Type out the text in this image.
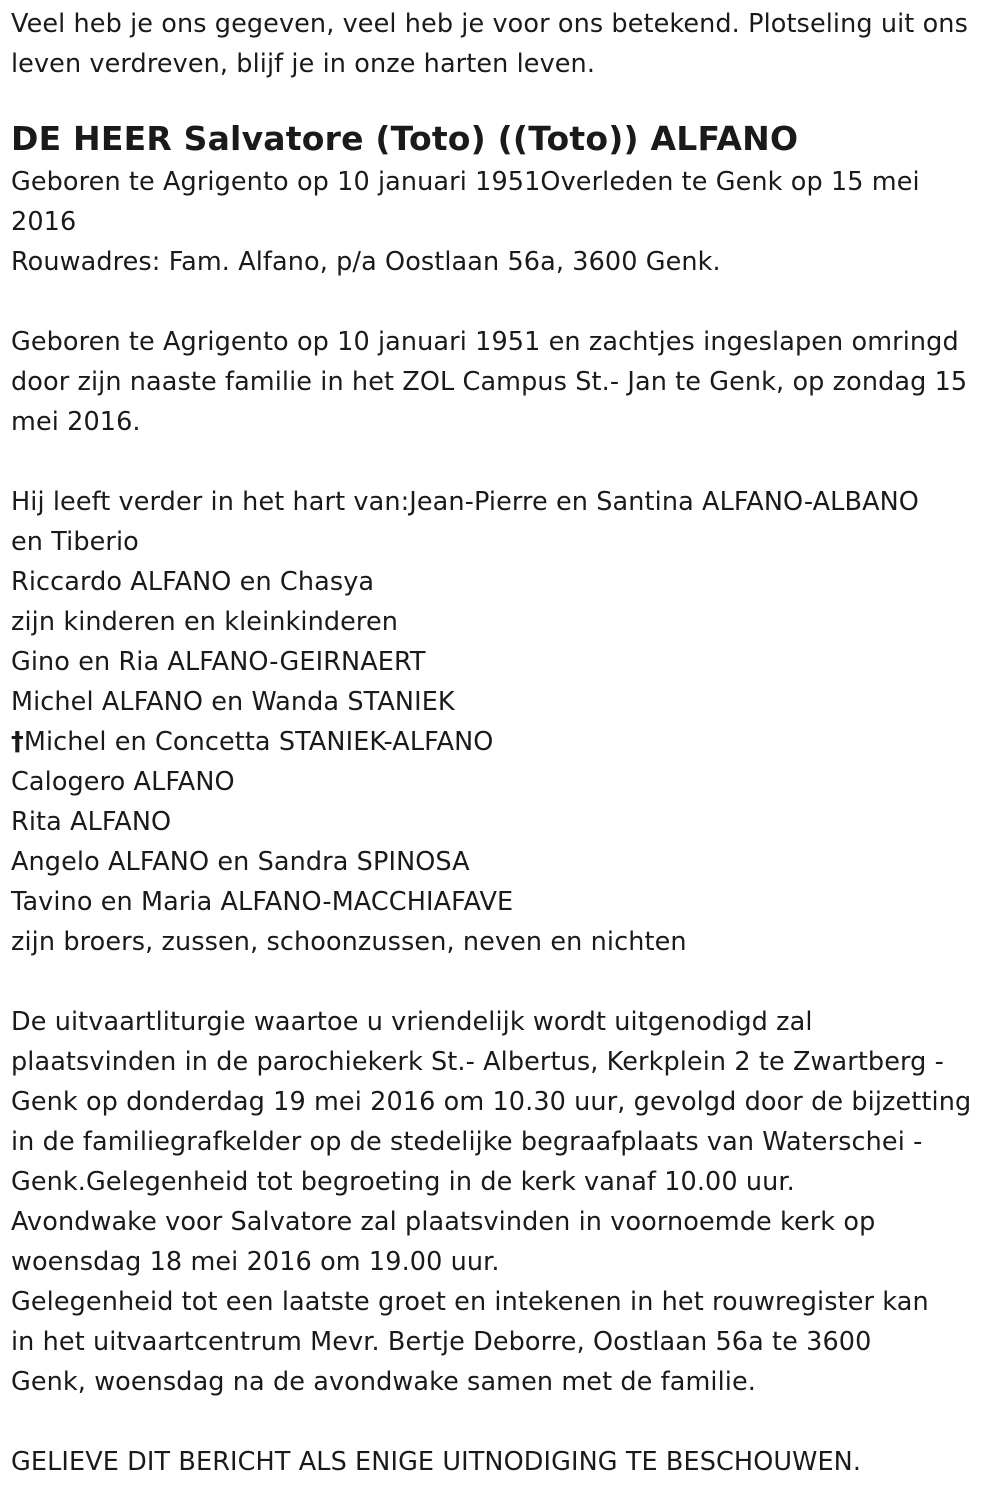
Veel heb je ons gegeven, veel heb je voor ons betekend. Plotseling uit ons
leven verdreven, blijf je in onze harten leven.
DE HEER Salvatore (Toto) ((Toto)) ALFANO
Geboren te Agrigento op 10 januari 1951Overleden te Genk op 15 mei
2016
Rouwadres: Fam. Alfano, p/a Oostlaan 56a, 3600 Genk.
Geboren te Agrigento op 10 januari 1951 en zachtjes ingeslapen omringd
door zijn naaste familie in het ZOL Campus St.- Jan te Genk, op zondag 15
mei 2016.
Hij leeft verder in het hart van:Jean-Pierre en Santina ALFANO-ALBANO
en Tiberio
Riccardo ALFANO en Chasya
zijn kinderen en kleinkinderen
Gino en Ria ALFANO-GEIRNAERT
Michel ALFANO en Wanda STANIEK
†Michel en Concetta STANIEK-ALFANO
Calogero ALFANO
Rita ALFANO
Angelo ALFANO en Sandra SPINOSA
Tavino en Maria ALFANO-MACCHIAFAVE
zijn broers, zussen, schoonzussen, neven en nichten
De uitvaartliturgie waartoe u vriendelijk wordt uitgenodigd zal
plaatsvinden in de parochiekerk St.- Albertus, Kerkplein 2 te Zwartberg -
Genk op donderdag 19 mei 2016 om 10.30 uur, gevolgd door de bijzetting
in de familiegrafkelder op de stedelijke begraafplaats van Waterschei -
Genk.Gelegenheid tot begroeting in de kerk vanaf 10.00 uur.
Avondwake voor Salvatore zal plaatsvinden in voornoemde kerk op
woensdag 18 mei 2016 om 19.00 uur.
Gelegenheid tot een laatste groet en intekenen in het rouwregister kan
in het uitvaartcentrum Mevr. Bertje Deborre, Oostlaan 56a te 3600
Genk, woensdag na de avondwake samen met de familie.
GELIEVE DIT BERICHT ALS ENIGE UITNODIGING TE BESCHOUWEN.
